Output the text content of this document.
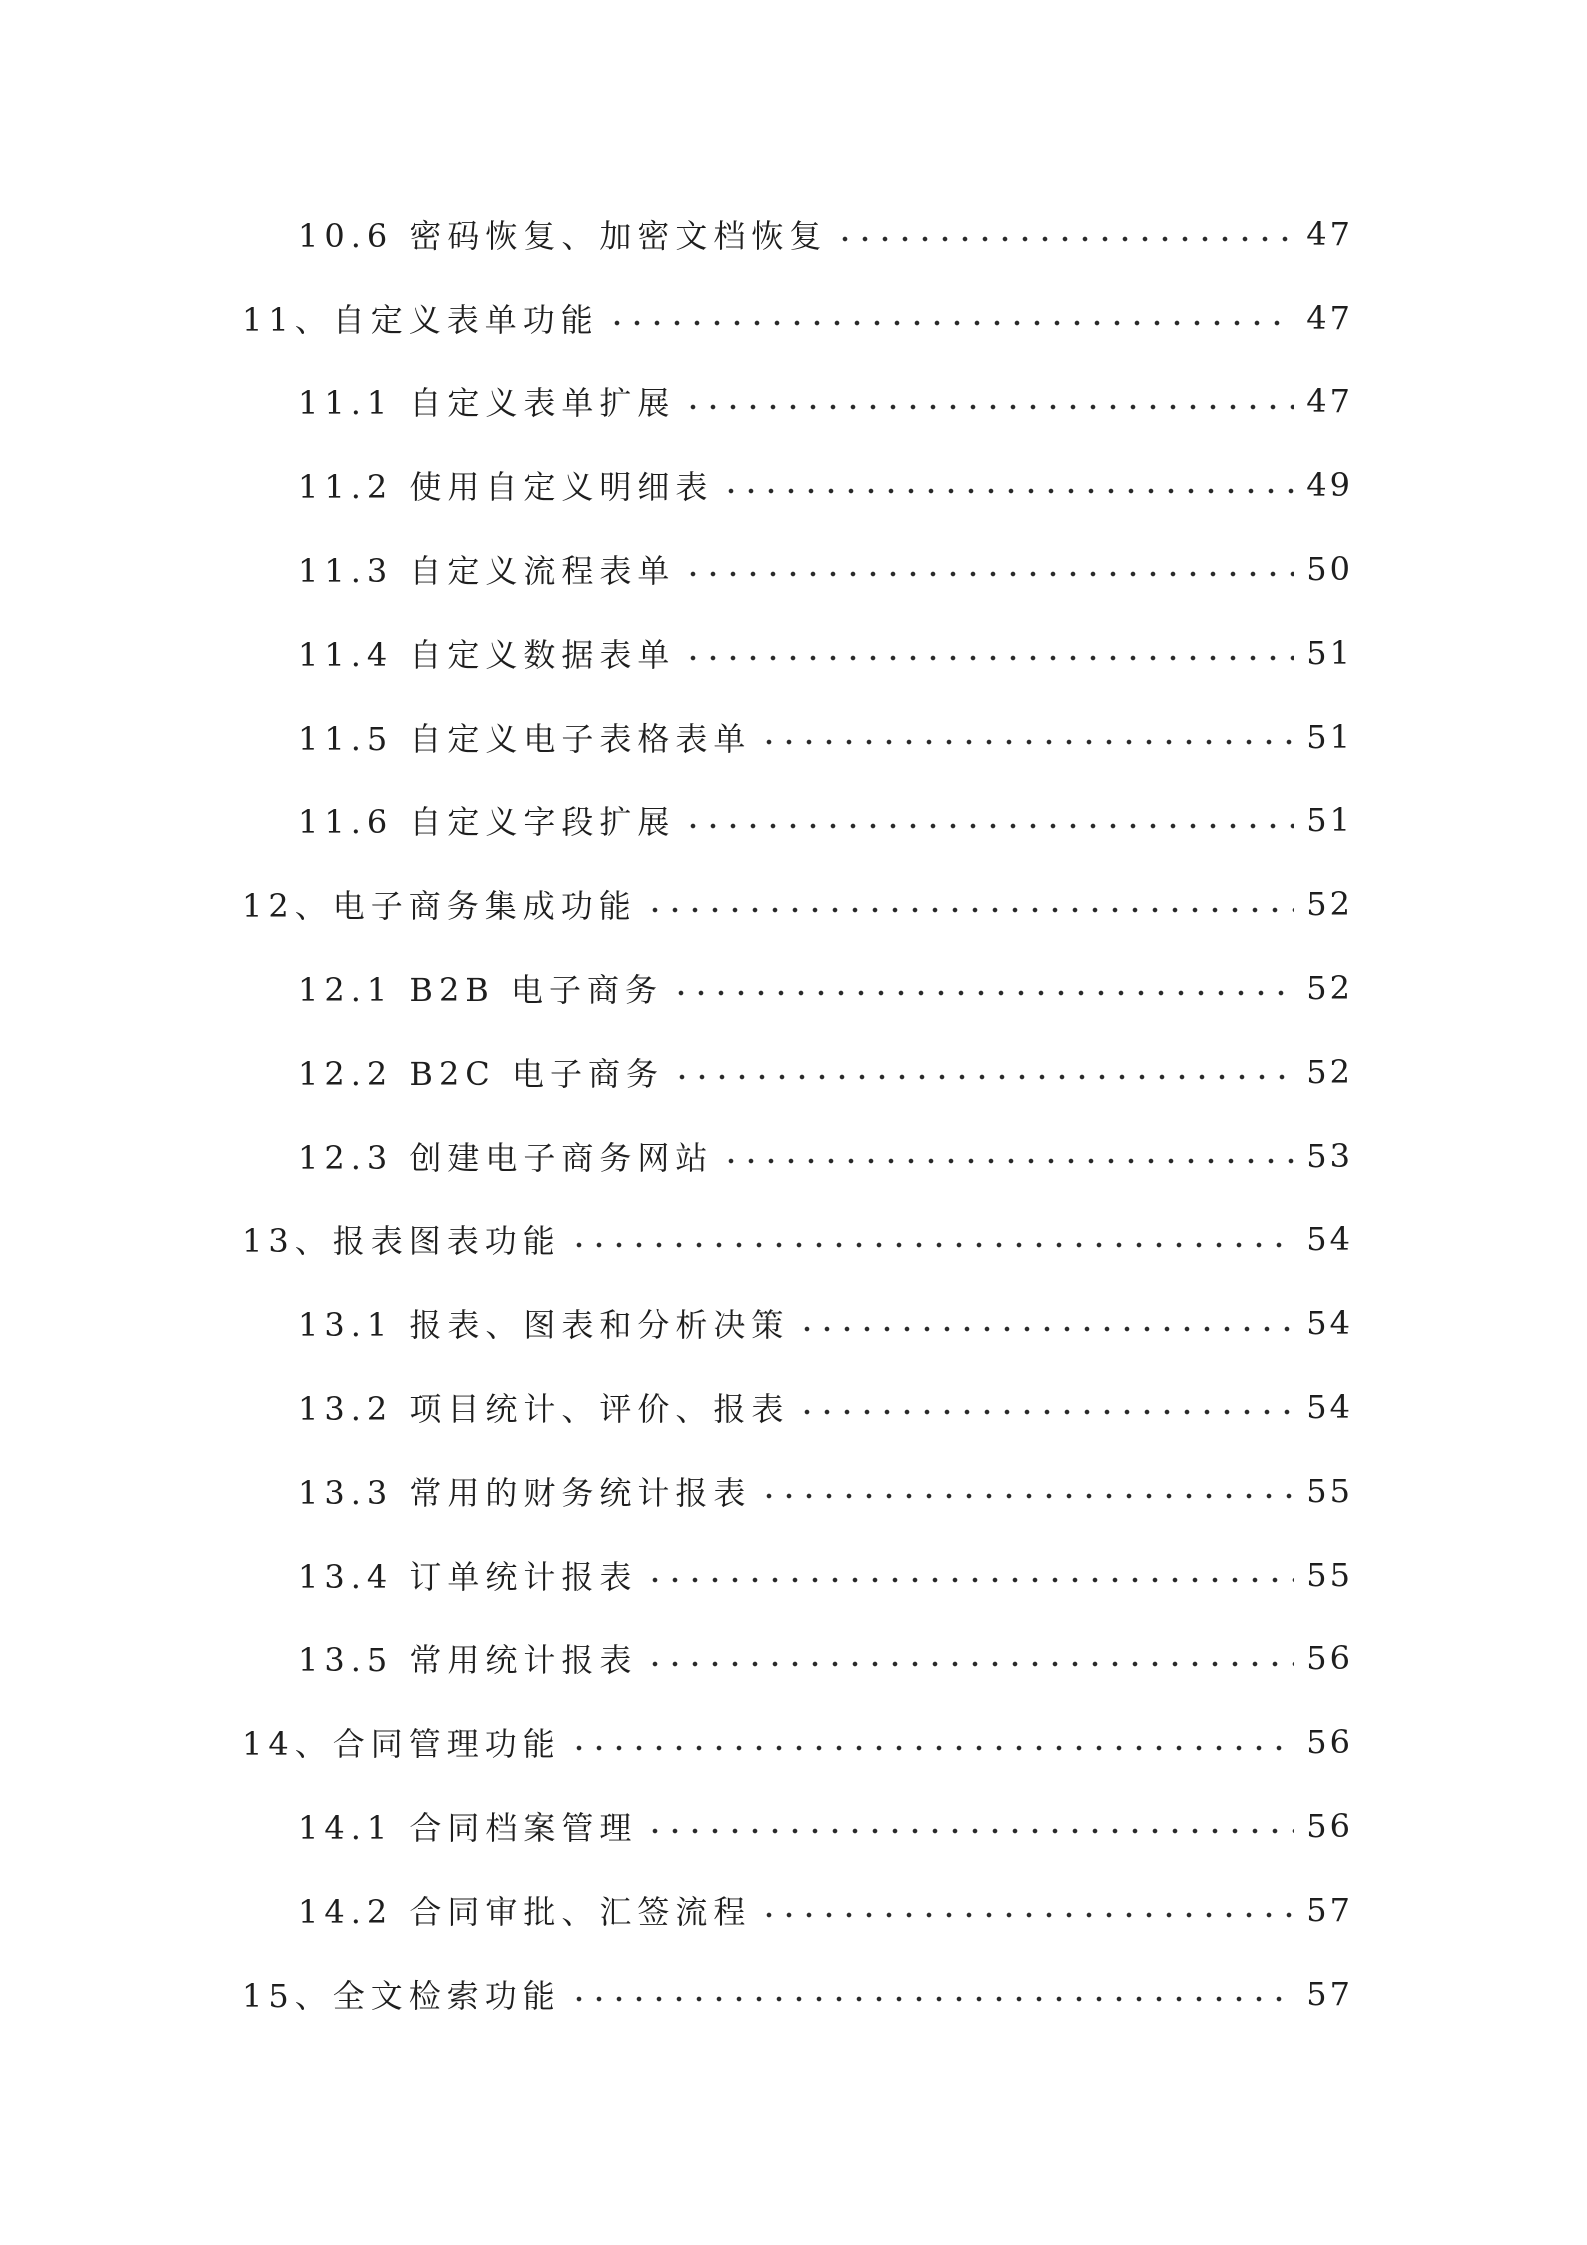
10.6 密码恢复、加密文档恢复	47
11、自定义表单功能	47
11.1 自定义表单扩展	47
11.2 使用自定义明细表	49
11.3 自定义流程表单	50
11.4 自定义数据表单	51
11.5 自定义电子表格表单	51
11.6 自定义字段扩展	51
12、电子商务集成功能	52
12.1 B2B 电子商务	52
12.2 B2C 电子商务	52
12.3 创建电子商务网站	53
13、报表图表功能	54
13.1 报表、图表和分析决策	54
13.2 项目统计、评价、报表	54
13.3 常用的财务统计报表	55
13.4 订单统计报表	55
13.5 常用统计报表	56
14、合同管理功能	56
14.1 合同档案管理	56
14.2 合同审批、汇签流程	57
15、全文检索功能	57
